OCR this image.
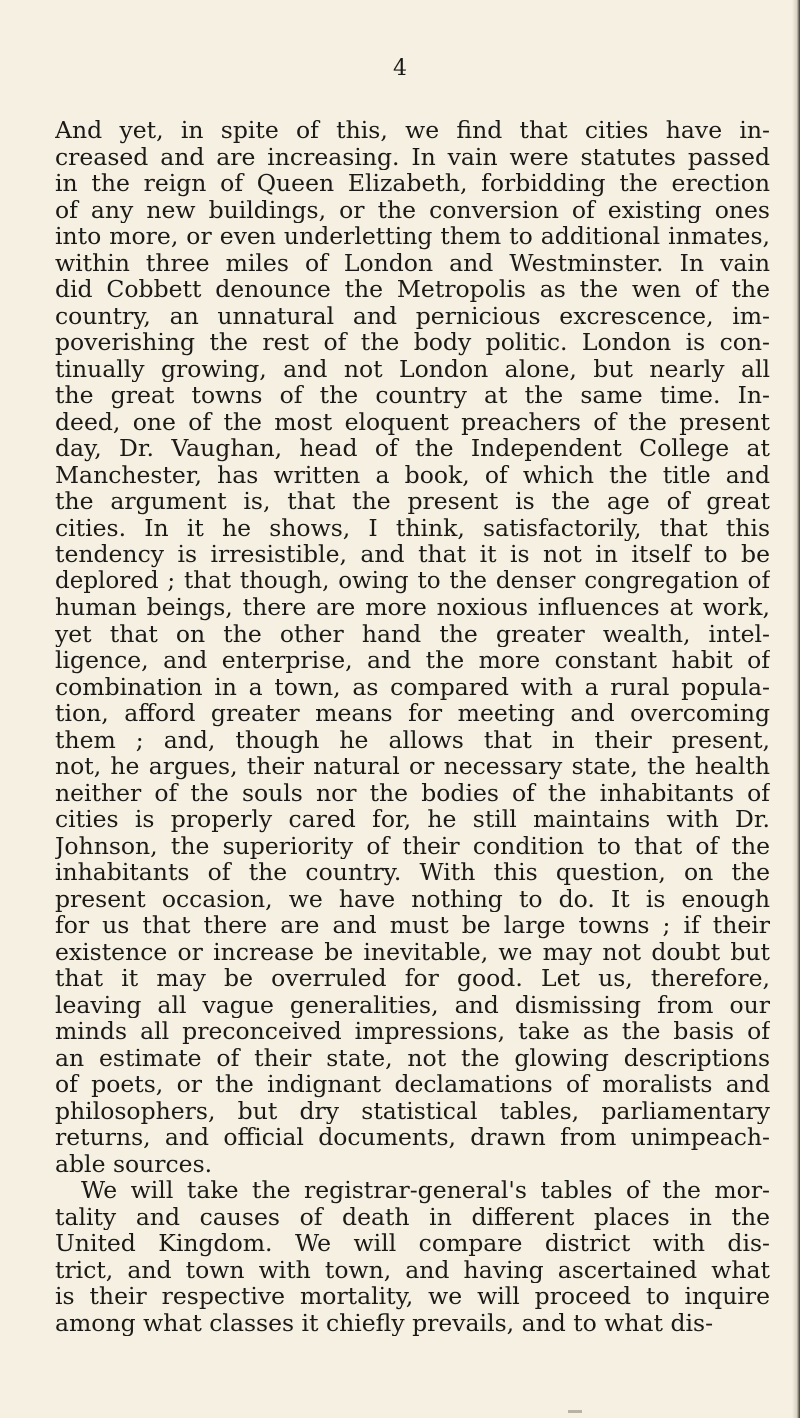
4
And yet, in spite of this, we find that cities have in-
creased and are increasing. In vain were statutes passed
in the reign of Queen Elizabeth, forbidding the erection
of any new buildings, or the conversion of existing ones
into more, or even underletting them to additional inmates,
within three miles of London and Westminster. In vain
did Cobbett denounce the Metropolis as the wen of the
country, an unnatural and pernicious excrescence, im-
poverishing the rest of the body politic. London is con-
tinually growing, and not London alone, but nearly all
the great towns of the country at the same time. In-
deed, one of the most eloquent preachers of the present
day, Dr. Vaughan, head of the Independent College at
Manchester, has written a book, of which the title and
the argument is, that the present is the age of great
cities. In it he shows, I think, satisfactorily, that this
tendency is irresistible, and that it is not in itself to be
deplored ; that though, owing to the denser congregation of
human beings, there are more noxious influences at work,
yet that on the other hand the greater wealth, intel-
ligence, and enterprise, and the more constant habit of
combination in a town, as compared with a rural popula-
tion, afford greater means for meeting and overcoming
them ; and, though he allows that in their present,
not, he argues, their natural or necessary state, the health
neither of the souls nor the bodies of the inhabitants of
cities is properly cared for, he still maintains with Dr.
Johnson, the superiority of their condition to that of the
inhabitants of the country. With this question, on the
present occasion, we have nothing to do. It is enough
for us that there are and must be large towns ; if their
existence or increase be inevitable, we may not doubt but
that it may be overruled for good. Let us, therefore,
leaving all vague generalities, and dismissing from our
minds all preconceived impressions, take as the basis of
an estimate of their state, not the glowing descriptions
of poets, or the indignant declamations of moralists and
philosophers, but dry statistical tables, parliamentary
returns, and official documents, drawn from unimpeach-
able sources.
We will take the registrar-general's tables of the mor-
tality and causes of death in different places in the
United Kingdom. We will compare district with dis-
trict, and town with town, and having ascertained what
is their respective mortality, we will proceed to inquire
among what classes it chiefly prevails, and to what dis-
